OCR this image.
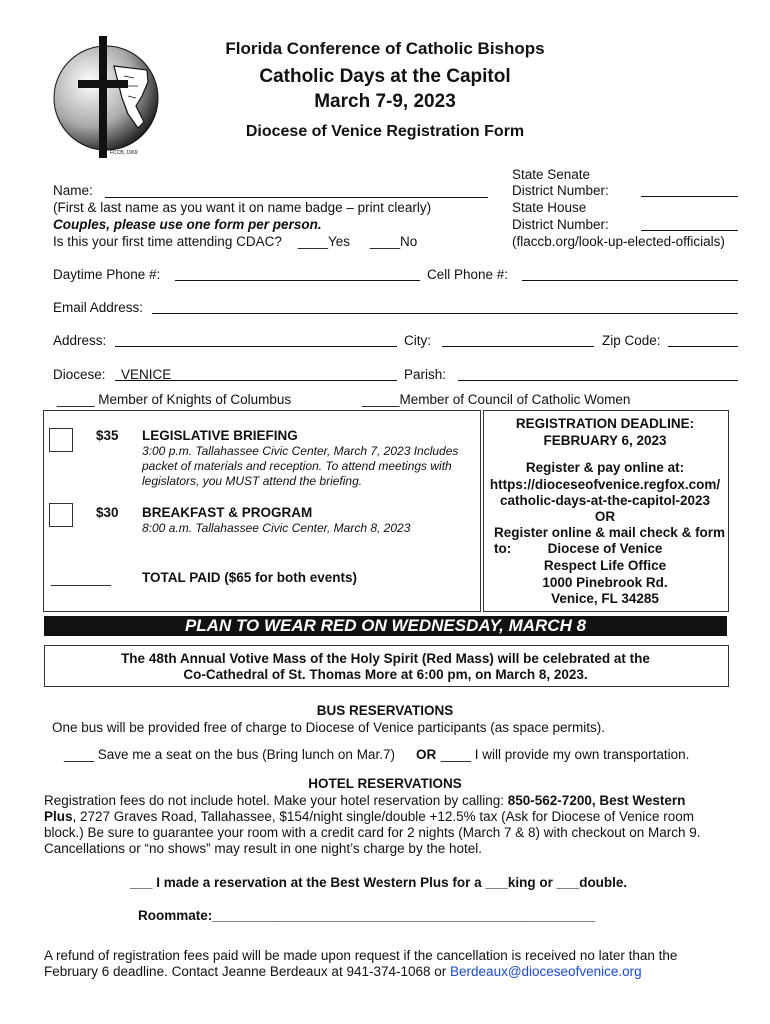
FCCB, 1969
Florida Conference of Catholic Bishops
Catholic Days at the Capitol
March 7-9, 2023
Diocese of Venice Registration Form
Name:
(First & last name as you want it on name badge – print clearly)
Couples, please use one form per person.
Is this your first time attending CDAC? ____Yes ____No
State Senate
District Number:
State House
District Number:
(flaccb.org/look-up-elected-officials)
Daytime Phone #:	Cell Phone #:
Email Address:
Address:	City:	Zip Code:
Diocese: VENICE	Parish:
_____ Member of Knights of Columbus	_____Member of Council of Catholic Women
$35 LEGISLATIVE BRIEFING
3:00 p.m. Tallahassee Civic Center, March 7, 2023 Includes packet of materials and reception. To attend meetings with legislators, you MUST attend the briefing.
$30 BREAKFAST & PROGRAM
8:00 a.m. Tallahassee Civic Center, March 8, 2023
________ TOTAL PAID ($65 for both events)
REGISTRATION DEADLINE:
FEBRUARY 6, 2023
Register & pay online at:
https://dioceseofvenice.regfox.com/
catholic-days-at-the-capitol-2023
OR
Register online & mail check & form
to:	Diocese of Venice
Respect Life Office
1000 Pinebrook Rd.
Venice, FL 34285
PLAN TO WEAR RED ON WEDNESDAY, MARCH 8
The 48th Annual Votive Mass of the Holy Spirit (Red Mass) will be celebrated at the
Co-Cathedral of St. Thomas More at 6:00 pm, on March 8, 2023.
BUS RESERVATIONS
One bus will be provided free of charge to Diocese of Venice participants (as space permits).
____ Save me a seat on the bus (Bring lunch on Mar.7) OR ____ I will provide my own transportation.
HOTEL RESERVATIONS
Registration fees do not include hotel. Make your hotel reservation by calling: 850-562-7200, Best Western
Plus, 2727 Graves Road, Tallahassee, $154/night single/double +12.5% tax (Ask for Diocese of Venice room
block.) Be sure to guarantee your room with a credit card for 2 nights (March 7 & 8) with checkout on March 9.
Cancellations or “no shows” may result in one night’s charge by the hotel.
___ I made a reservation at the Best Western Plus for a ___king or ___double.
Roommate:___________________________________________________
A refund of registration fees paid will be made upon request if the cancellation is received no later than the
February 6 deadline. Contact Jeanne Berdeaux at 941-374-1068 or Berdeaux@dioceseofvenice.org
